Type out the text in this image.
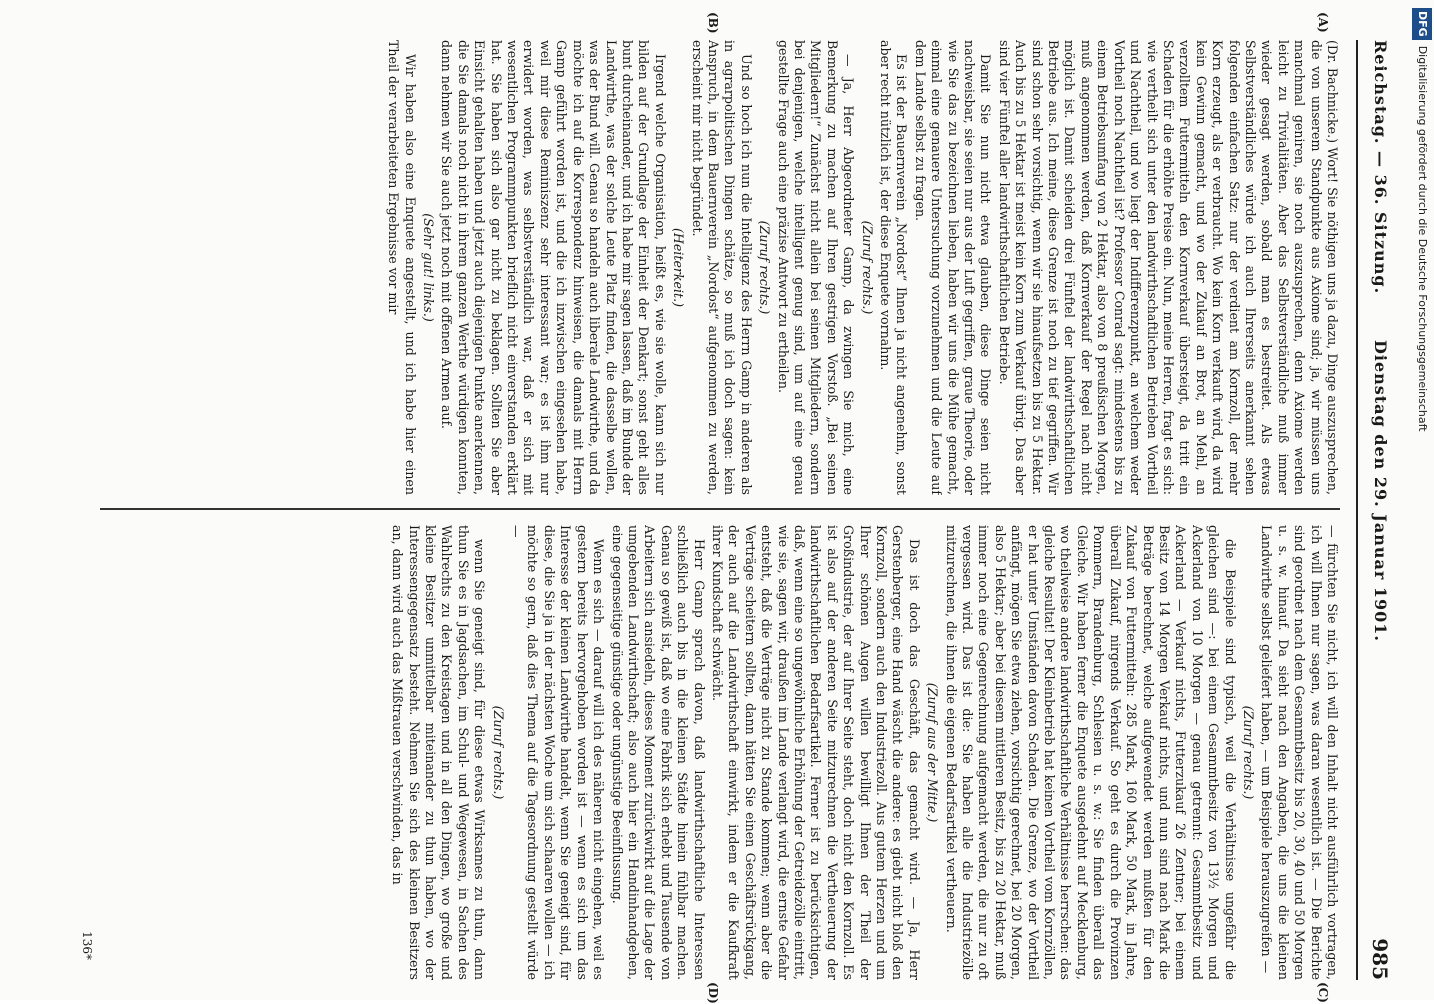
Reichstag. — 36. Sitzung.
Dienstag den 29. Januar 1901.
985
(A)
(B)
(C)
(D)

(Dr. Bachnicke.) Wort! Sie nöthigen uns ja dazu, Dinge auszusprechen, die von unserem Standpunkte aus Axiome sind; ja, wir müssen uns manchmal geniren, sie noch auszusprechen, denn Axiome werden leicht zu Trivialitäten. Aber das Selbstverständliche muß immer wieder gesagt werden, sobald man es bestreitet. Als etwas Selbstverständliches würde ich auch Ihrerseits anerkannt sehen folgenden einfachen Satz: nur der verdient am Kornzoll, der mehr Korn erzeugt, als er verbraucht. Wo kein Korn verkauft wird, da wird kein Gewinn gemacht, und wo der Zukauf an Brot, an Mehl, an verzolltem Futtermitteln den Kornverkauf übersteigt, da tritt ein Schaden für die erhöhte Preise ein. Nun, meine Herren, fragt es sich: wie vertheilt sich unter den landwirthschaftlichen Betrieben Vortheil und Nachtheil, und wo liegt der Indifferenzpunkt, an welchem weder Vortheil noch Nachtheil ist? Professor Conrad sagt: mindestens bis zu einem Betriebsumfang von 2 Hektar, also von 8 preußischen Morgen, muß angenommen werden, daß Kornverkauf der Regel nach nicht möglich ist. Damit scheiden drei Fünftel der landwirthschaftlichen Betriebe aus. Ich meine, diese Grenze ist noch zu tief gegriffen. Wir sind schon sehr vorsichtig, wenn wir sie hinaufsetzen bis zu 5 Hektar. Auch bis zu 5 Hektar ist meist kein Korn zum Verkauf übrig. Das aber sind vier Fünftel aller landwirthschaftlichen Betriebe.

Damit Sie nun nicht etwa glauben, diese Dinge seien nicht nachweisbar, sie seien nur aus der Luft gegriffen, graue Theorie, oder wie Sie das zu bezeichnen lieben, haben wir uns die Mühe gemacht, einmal eine genauere Untersuchung vorzunehmen und die Leute auf dem Lande selbst zu fragen.

Es ist der Bauernverein „Nordost“ Ihnen ja nicht angenehm, sonst aber recht nützlich ist, der diese Enquete vornahm.

(Zuruf rechts.)

— Ja, Herr Abgeordneter Gamp, da zwingen Sie mich, eine Bemerkung zu machen auf Ihren gestrigen Vorstoß. „Bei seinen Mitgliedern!“ Zunächst nicht allein bei seinen Mitgliedern, sondern bei denjenigen, welche intelligent genug sind, um auf eine genau gestellte Frage auch eine präzise Antwort zu ertheilen.

(Zuruf rechts.)

Und so hoch ich nun die Intelligenz des Herrn Gamp in anderen als in agrarpolitischen Dingen schätze, so muß ich doch sagen: kein Anspruch, in dem Bauernverein „Nordost“ aufgenommen zu werden, erscheint mir nicht begründet.

(Heiterkeit.)

Irgend welche Organisation, heißt es, wie sie wolle, kann sich nur bilden auf der Grundlage der Einheit der Denkart; sonst geht alles bunt durcheinander, und ich habe mir sagen lassen, daß im Bunde der Landwirthe, was der solche Leute Platz finden, die dasselbe wollen, was der Bund will. Genau so handeln auch liberale Landwirthe, und da möchte ich auf die Korrespondenz hinweisen, die damals mit Herrn Gamp geführt worden ist, und die ich inzwischen eingesehen habe, weil mir diese Reminiszenz sehr interessant war; es ist ihm nur erwidert worden, was selbstverständlich war, daß er sich mit wesentlichen Programmpunkten brieflich nicht einverstanden erklärt hat. Sie haben sich also gar nicht zu beklagen. Sollten Sie aber Einsicht gehalten haben und jetzt auch diejenigen Punkte anerkennen, die Sie damals noch nicht in ihrem ganzen Werthe würdigen konnten, dann nehmen wir Sie auch jetzt noch mit offenen Armen auf.

(Sehr gut! links.)

Wir haben also eine Enquete angestellt, und ich habe hier einen Theil der verarbeiteten Ergebnisse vor mir

— fürchten Sie nicht, ich will den Inhalt nicht ausführlich vortragen, ich will Ihnen nur sagen, was daran wesentlich ist. — Die Berichte sind geordnet nach dem Gesammtbesitz bis 20, 30, 40 und 50 Morgen u. s. w. hinauf. Da sieht nach den Angaben, die uns die kleinen Landwirthe selbst geliefert haben, — um Beispiele herauszugreifen —

(Zuruf rechts.)

die Beispiele sind typisch, weil die Verhältnisse ungefähr die gleichen sind —: bei einem Gesammtbesitz von 13½ Morgen und Ackerland von 10 Morgen — genau getrennt: Gesammtbesitz und Ackerland — Verkauf nichts, Futterzukauf 26 Zentner; bei einem Besitz von 14 Morgen Verkauf nichts, und nun sind nach Mark die Beträge berechnet, welche aufgewendet werden mußten für den Zukauf von Futtermitteln: 285 Mark, 160 Mark, 50 Mark, in Jahre, überall Zukauf, nirgends Verkauf. So geht es durch die Provinzen Pommern, Brandenburg, Schlesien u. s. w.: Sie finden überall das Gleiche. Wir haben ferner die Enquete ausgedehnt auf Mecklenburg, wo theilweise andere landwirthschaftliche Verhältnisse herrschen: das gleiche Resultat! Der Kleinbetrieb hat keinen Vortheil vom Kornzöllen, er hat unter Umständen davon Schaden. Die Grenze, wo der Vortheil anfängt, mögen Sie etwa ziehen, vorsichtig gerechnet, bei 20 Morgen, also 5 Hektar; aber bei diesem mittleren Besitz, bis zu 20 Hektar, muß immer noch eine Gegenrechnung aufgemacht werden, die nur zu oft vergessen wird. Das ist die: Sie haben alle die Industriezölle mitzurechnen, die ihnen die eigenen Bedarfsartikel vertheuern.

(Zuruf aus der Mitte.)

Das ist doch das Geschäft, das gemacht wird. — Ja, Herr Gerstenberger, eine Hand wäscht die andere: es giebt nicht bloß den Kornzoll, sondern auch den Industriezoll. Aus gutem Herzen und um Ihrer schönen Augen willen bewilligt Ihnen der Theil der Großindustrie, der auf Ihrer Seite steht, doch nicht den Kornzoll. Es ist also auf der anderen Seite mitzurechnen die Vertheuerung der landwirthschaftlichen Bedarfsartikel. Ferner ist zu berücksichtigen, daß, wenn eine so ungewöhnliche Erhöhung der Getreidezölle eintritt, wie sie, sagen wir, draußen im Lande verlangt wird, die ernste Gefahr entsteht, daß die Verträge nicht zu Stande kommen; wenn aber die Verträge scheitern sollten, dann hätten Sie einen Geschäftsrückgang, der auch auf die Landwirthschaft einwirkt, indem er die Kaufkraft ihrer Kundschaft schwächt.

Herr Gamp sprach davon, daß landwirthschaftliche Interessen schließlich auch bis in die kleinen Städte hinein fühlbar machen. Genau so gewiß ist, daß wo eine Fabrik sich erhebt und Tausende von Arbeitern sich ansiedeln, dieses Moment zurückwirkt auf die Lage der umgebenden Landwirthschaft; also auch hier ein Handinhandgehen, eine gegenseitige günstige oder ungünstige Beeinflussung.

Wenn es sich — darauf will ich des näheren nicht eingehen, weil es gestern bereits hervorgehoben worden ist — wenn es sich um das Interesse der kleinen Landwirthe handelt, wenn Sie geneigt sind, für diese, die Sie ja in der nächsten Woche um sich schaaren wollen — ich möchte so gern, daß dies Thema auf die Tagesordnung gestellt würde —

(Zuruf rechts.)

wenn Sie geneigt sind, für diese etwas Wirksames zu thun, dann thun Sie es in Jagdsachen, im Schul- und Wegewesen, in Sachen des Wahlrechts zu den Kreistagen und in all den Dingen, wo große und kleine Besitzer unmittelbar miteinander zu thun haben, wo der Interessengegensatz besteht. Nehmen Sie sich des kleinen Besitzers an, dann wird auch das Mißtrauen verschwinden, das in

136*
DFGDigitalisierung gefördert durch die Deutsche Forschungsgemeinschaft
